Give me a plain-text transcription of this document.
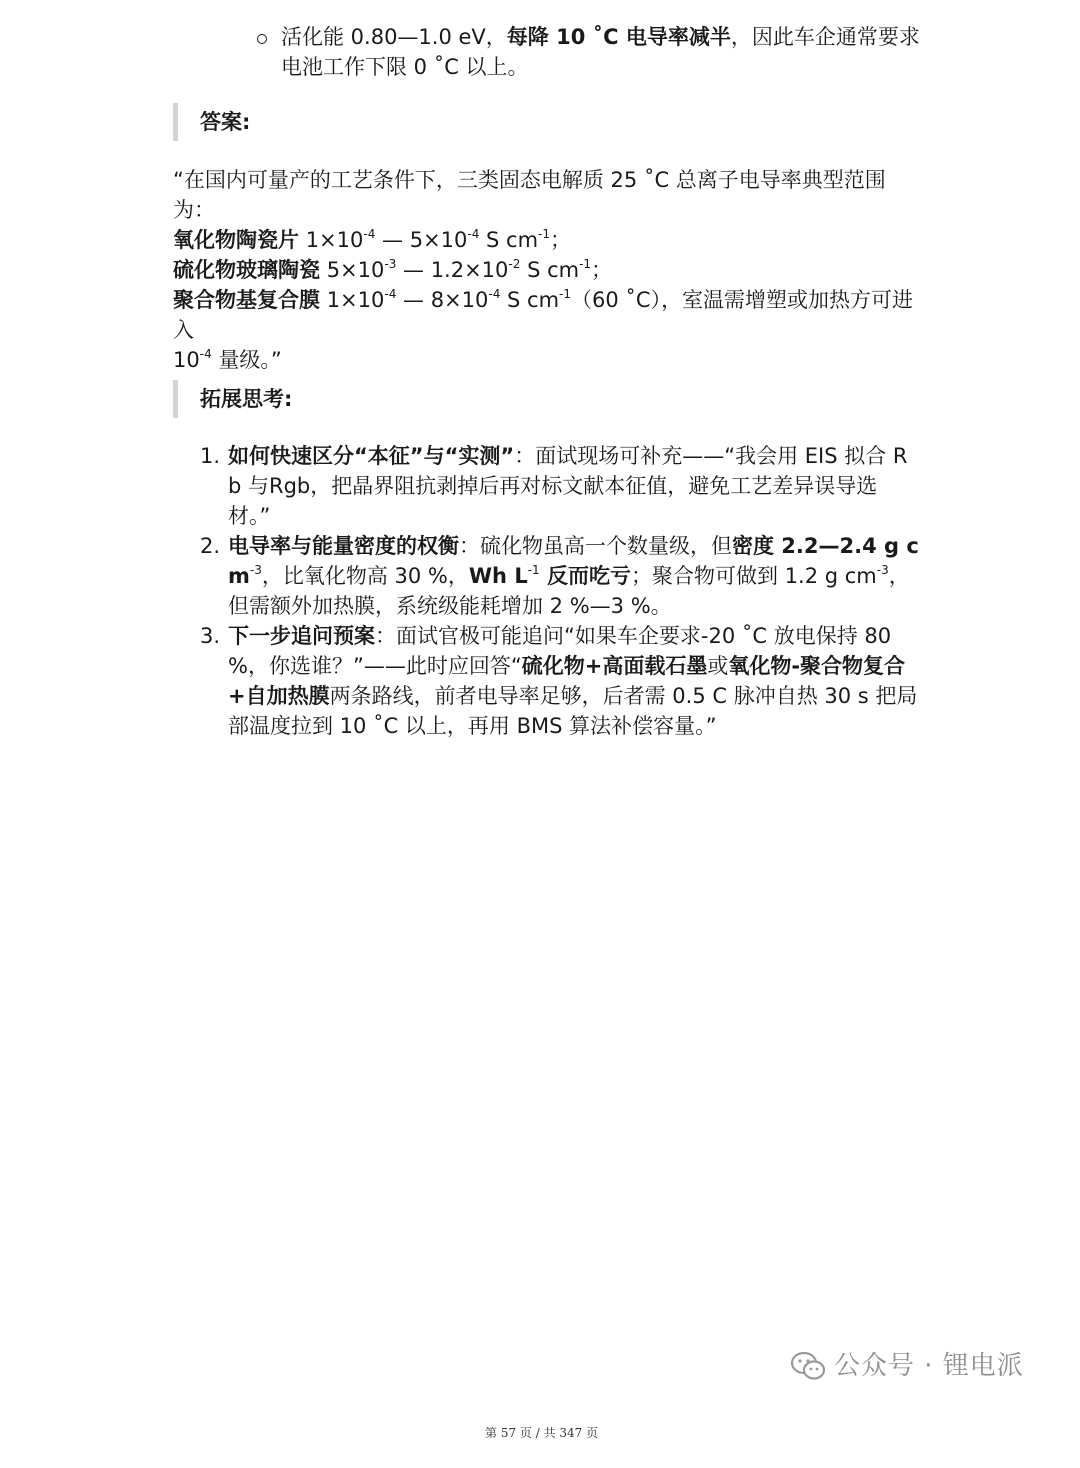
活化能 0.80—1.0 eV，每降 10 ˚C 电导率减半，因此车企通常要求
电池工作下限 0 ˚C 以上。
答案:

“在国内可量产的工艺条件下，三类固态电解质 25 ˚C 总离子电导率典型范围

为：

氧化物陶瓷片 $1\times 10^{-4}$ — $5\times 10^{-4}$ S $cm^{-1}$；

硫化物玻璃陶瓷 $5\times 10^{-3}$ — $1.2\times 10^{-2}$ S $cm^{-1}$；

聚合物基复合膜 $1\times 10^{-4}$ — $8\times 10^{-4}$ S $cm^{-1}(60$ ˚C），室温需增塑或加热方可进入

$10^{-4}$ 量级。”

拓展思考:
1. 如何快速区分“本征”与“实测”：面试现场可补充——“我会用 EIS 拟合 R
b 与Rgb，把晶界阻抗剥掉后再对标文献本征值，避免工艺差异误导选
材。”
2. 电导率与能量密度的权衡：硫化物虽高一个数量级，但密度 2.2—2.4 g c
$m^{-3}$，比氧化物高 30 %，Wh $L^{-1}$ 反而吃亏；聚合物可做到 1.2 g $cm^{-3}$，
但需额外加热膜，系统级能耗增加 2 %—3 %。
3. 下一步追问预案：面试官极可能追问“如果车企要求-20 ˚C 放电保持 80
%，你选谁？”——此时应回答“硫化物+高面载石墨或氧化物-聚合物复合
+自加热膜两条路线，前者电导率足够，后者需 0.5 C 脉冲自热 30 s 把局
部温度拉到 10 ˚C 以上，再用 BMS 算法补偿容量。”
公众号 · 锂电派
第 57 页 / 共 347 页
